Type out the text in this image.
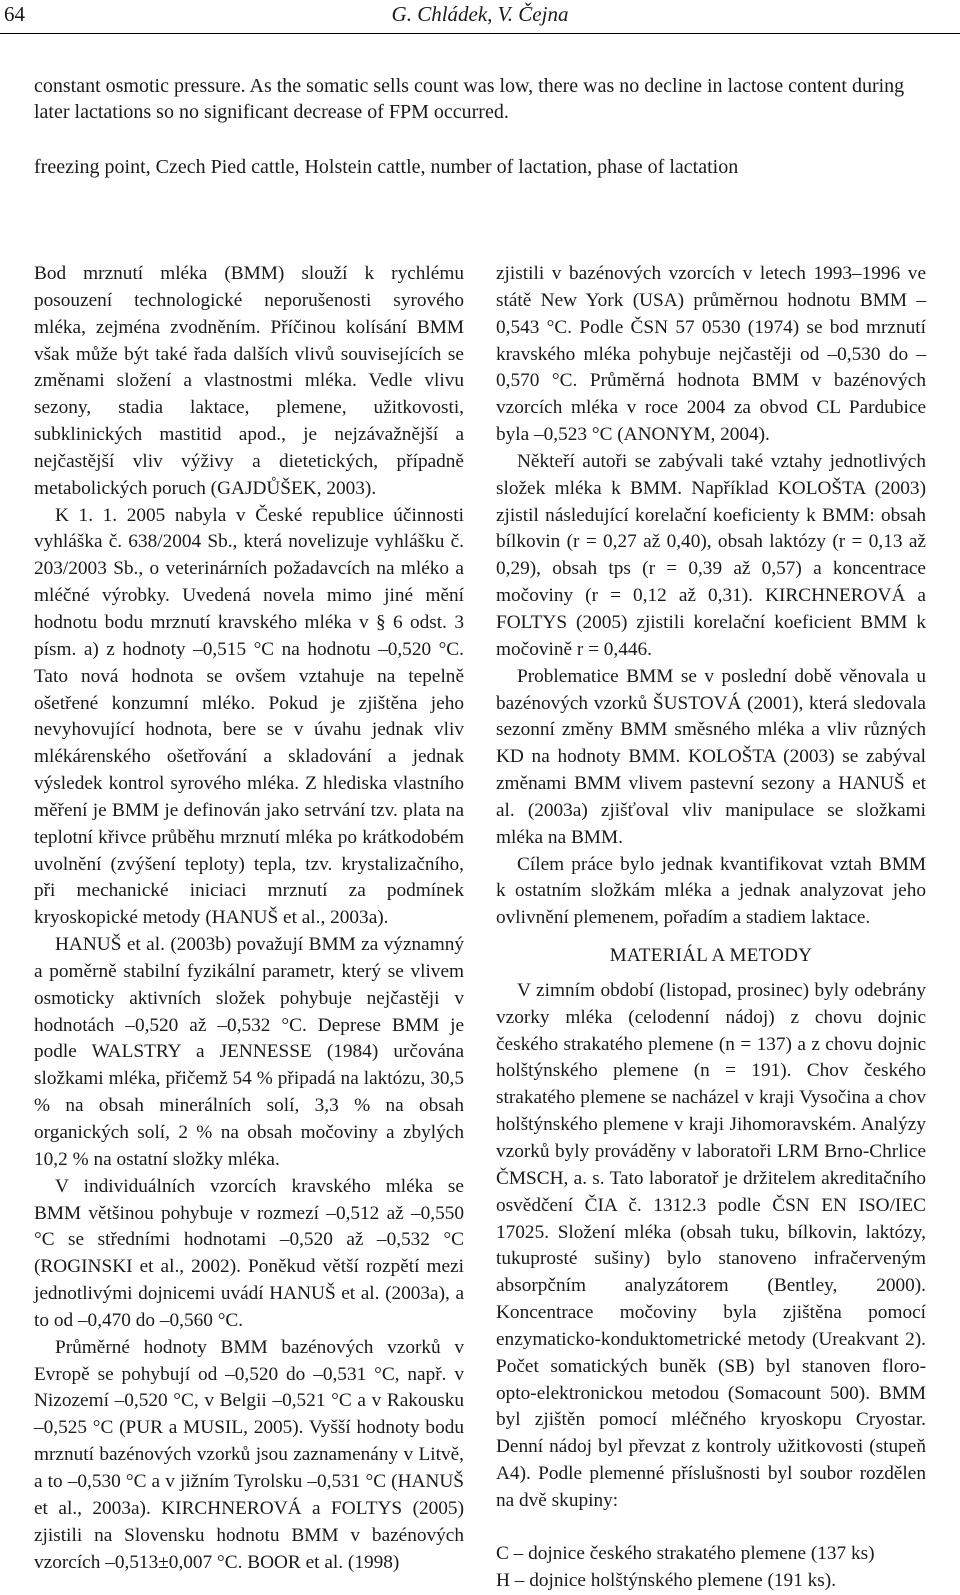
64	G. Chládek, V. Čejna
constant osmotic pressure. As the somatic sells count was low, there was no decline in lactose content during later lactations so no significant decrease of FPM occurred.
freezing point, Czech Pied cattle, Holstein cattle, number of lactation, phase of lactation

Bod mrznutí mléka (BMM) slouží k rychlému posouzení technologické neporušenosti syrového mléka, zejména zvodněním. Příčinou kolísání BMM však může být také řada dalších vlivů souvisejících se změnami složení a vlastnostmi mléka. Vedle vlivu sezony, stadia laktace, plemene, užitkovosti, subklinických mastitid apod., je nejzávažnější a nejčastější vliv výživy a dietetických, případně metabolických poruch (GAJDŮŠEK, 2003).

K 1. 1. 2005 nabyla v České republice účinnosti vyhláška č. 638/2004 Sb., která novelizuje vyhlášku č. 203/2003 Sb., o veterinárních požadavcích na mléko a mléčné výrobky. Uvedená novela mimo jiné mění hodnotu bodu mrznutí kravského mléka v § 6 odst. 3 písm. a) z hodnoty –0,515 °C na hodnotu –0,520 °C. Tato nová hodnota se ovšem vztahuje na tepelně ošetřené konzumní mléko. Pokud je zjištěna jeho nevyhovující hodnota, bere se v úvahu jednak vliv mlékárenského ošetřování a skladování a jednak výsledek kontrol syrového mléka. Z hlediska vlastního měření je BMM je definován jako setrvání tzv. plata na teplotní křivce průběhu mrznutí mléka po krátkodobém uvolnění (zvýšení teploty) tepla, tzv. krystalizačního, při mechanické iniciaci mrznutí za podmínek kryoskopické metody (HANUŠ et al., 2003a).

HANUŠ et al. (2003b) považují BMM za významný a poměrně stabilní fyzikální parametr, který se vlivem osmoticky aktivních složek pohybuje nejčastěji v hodnotách –0,520 až –0,532 °C. Deprese BMM je podle WALSTRY a JENNESSE (1984) určována složkami mléka, přičemž 54 % připadá na laktózu, 30,5 % na obsah minerálních solí, 3,3 % na obsah organických solí, 2 % na obsah močoviny a zbylých 10,2 % na ostatní složky mléka.

V individuálních vzorcích kravského mléka se BMM většinou pohybuje v rozmezí –0,512 až –0,550 °C se středními hodnotami –0,520 až –0,532 °C (ROGINSKI et al., 2002). Poněkud větší rozpětí mezi jednotlivými dojnicemi uvádí HANUŠ et al. (2003a), a to od –0,470 do –0,560 °C.

Průměrné hodnoty BMM bazénových vzorků v Evropě se pohybují od –0,520 do –0,531 °C, např. v Nizozemí –0,520 °C, v Belgii –0,521 °C a v Rakousku –0,525 °C (PUR a MUSIL, 2005). Vyšší hodnoty bodu mrznutí bazénových vzorků jsou zaznamenány v Litvě, a to –0,530 °C a v jižním Tyrolsku –0,531 °C (HANUŠ et al., 2003a). KIRCHNEROVÁ a FOLTYS (2005) zjistili na Slovensku hodnotu BMM v bazénových vzorcích –0,513±0,007 °C. BOOR et al. (1998)

zjistili v bazénových vzorcích v letech 1993–1996 ve státě New York (USA) průměrnou hodnotu BMM –0,543 °C. Podle ČSN 57 0530 (1974) se bod mrznutí kravského mléka pohybuje nejčastěji od –0,530 do –0,570 °C. Průměrná hodnota BMM v bazénových vzorcích mléka v roce 2004 za obvod CL Pardubice byla –0,523 °C (ANONYM, 2004).

Někteří autoři se zabývali také vztahy jednotlivých složek mléka k BMM. Například KOLOŠTA (2003) zjistil následující korelační koeficienty k BMM: obsah bílkovin (r = 0,27 až 0,40), obsah laktózy (r = 0,13 až 0,29), obsah tps (r = 0,39 až 0,57) a koncentrace močoviny (r = 0,12 až 0,31). KIRCHNEROVÁ a FOLTYS (2005) zjistili korelační koeficient BMM k močovině r = 0,446.

Problematice BMM se v poslední době věnovala u bazénových vzorků ŠUSTOVÁ (2001), která sledovala sezonní změny BMM směsného mléka a vliv různých KD na hodnoty BMM. KOLOŠTA (2003) se zabýval změnami BMM vlivem pastevní sezony a HANUŠ et al. (2003a) zjišťoval vliv manipulace se složkami mléka na BMM.

Cílem práce bylo jednak kvantifikovat vztah BMM k ostatním složkám mléka a jednak analyzovat jeho ovlivnění plemenem, pořadím a stadiem laktace.

MATERIÁL A METODY

V zimním období (listopad, prosinec) byly odebrány vzorky mléka (celodenní nádoj) z chovu dojnic českého strakatého plemene (n = 137) a z chovu dojnic holštýnského plemene (n = 191). Chov českého strakatého plemene se nacházel v kraji Vysočina a chov holštýnského plemene v kraji Jihomoravském. Analýzy vzorků byly prováděny v laboratoři LRM Brno-Chrlice ČMSCH, a. s. Tato laboratoř je držitelem akreditačního osvědčení ČIA č. 1312.3 podle ČSN EN ISO/IEC 17025. Složení mléka (obsah tuku, bílkovin, laktózy, tukuprosté sušiny) bylo stanoveno infračerveným absorpčním analyzátorem (Bentley, 2000). Koncentrace močoviny byla zjištěna pomocí enzymaticko-konduktometrické metody (Ureakvant 2). Počet somatických buněk (SB) byl stanoven floro-opto-elektronickou metodou (Somacount 500). BMM byl zjištěn pomocí mléčného kryoskopu Cryostar. Denní nádoj byl převzat z kontroly užitkovosti (stupeň A4). Podle plemenné příslušnosti byl soubor rozdělen na dvě skupiny:

C – dojnice českého strakatého plemene (137 ks)
H – dojnice holštýnského plemene (191 ks).
